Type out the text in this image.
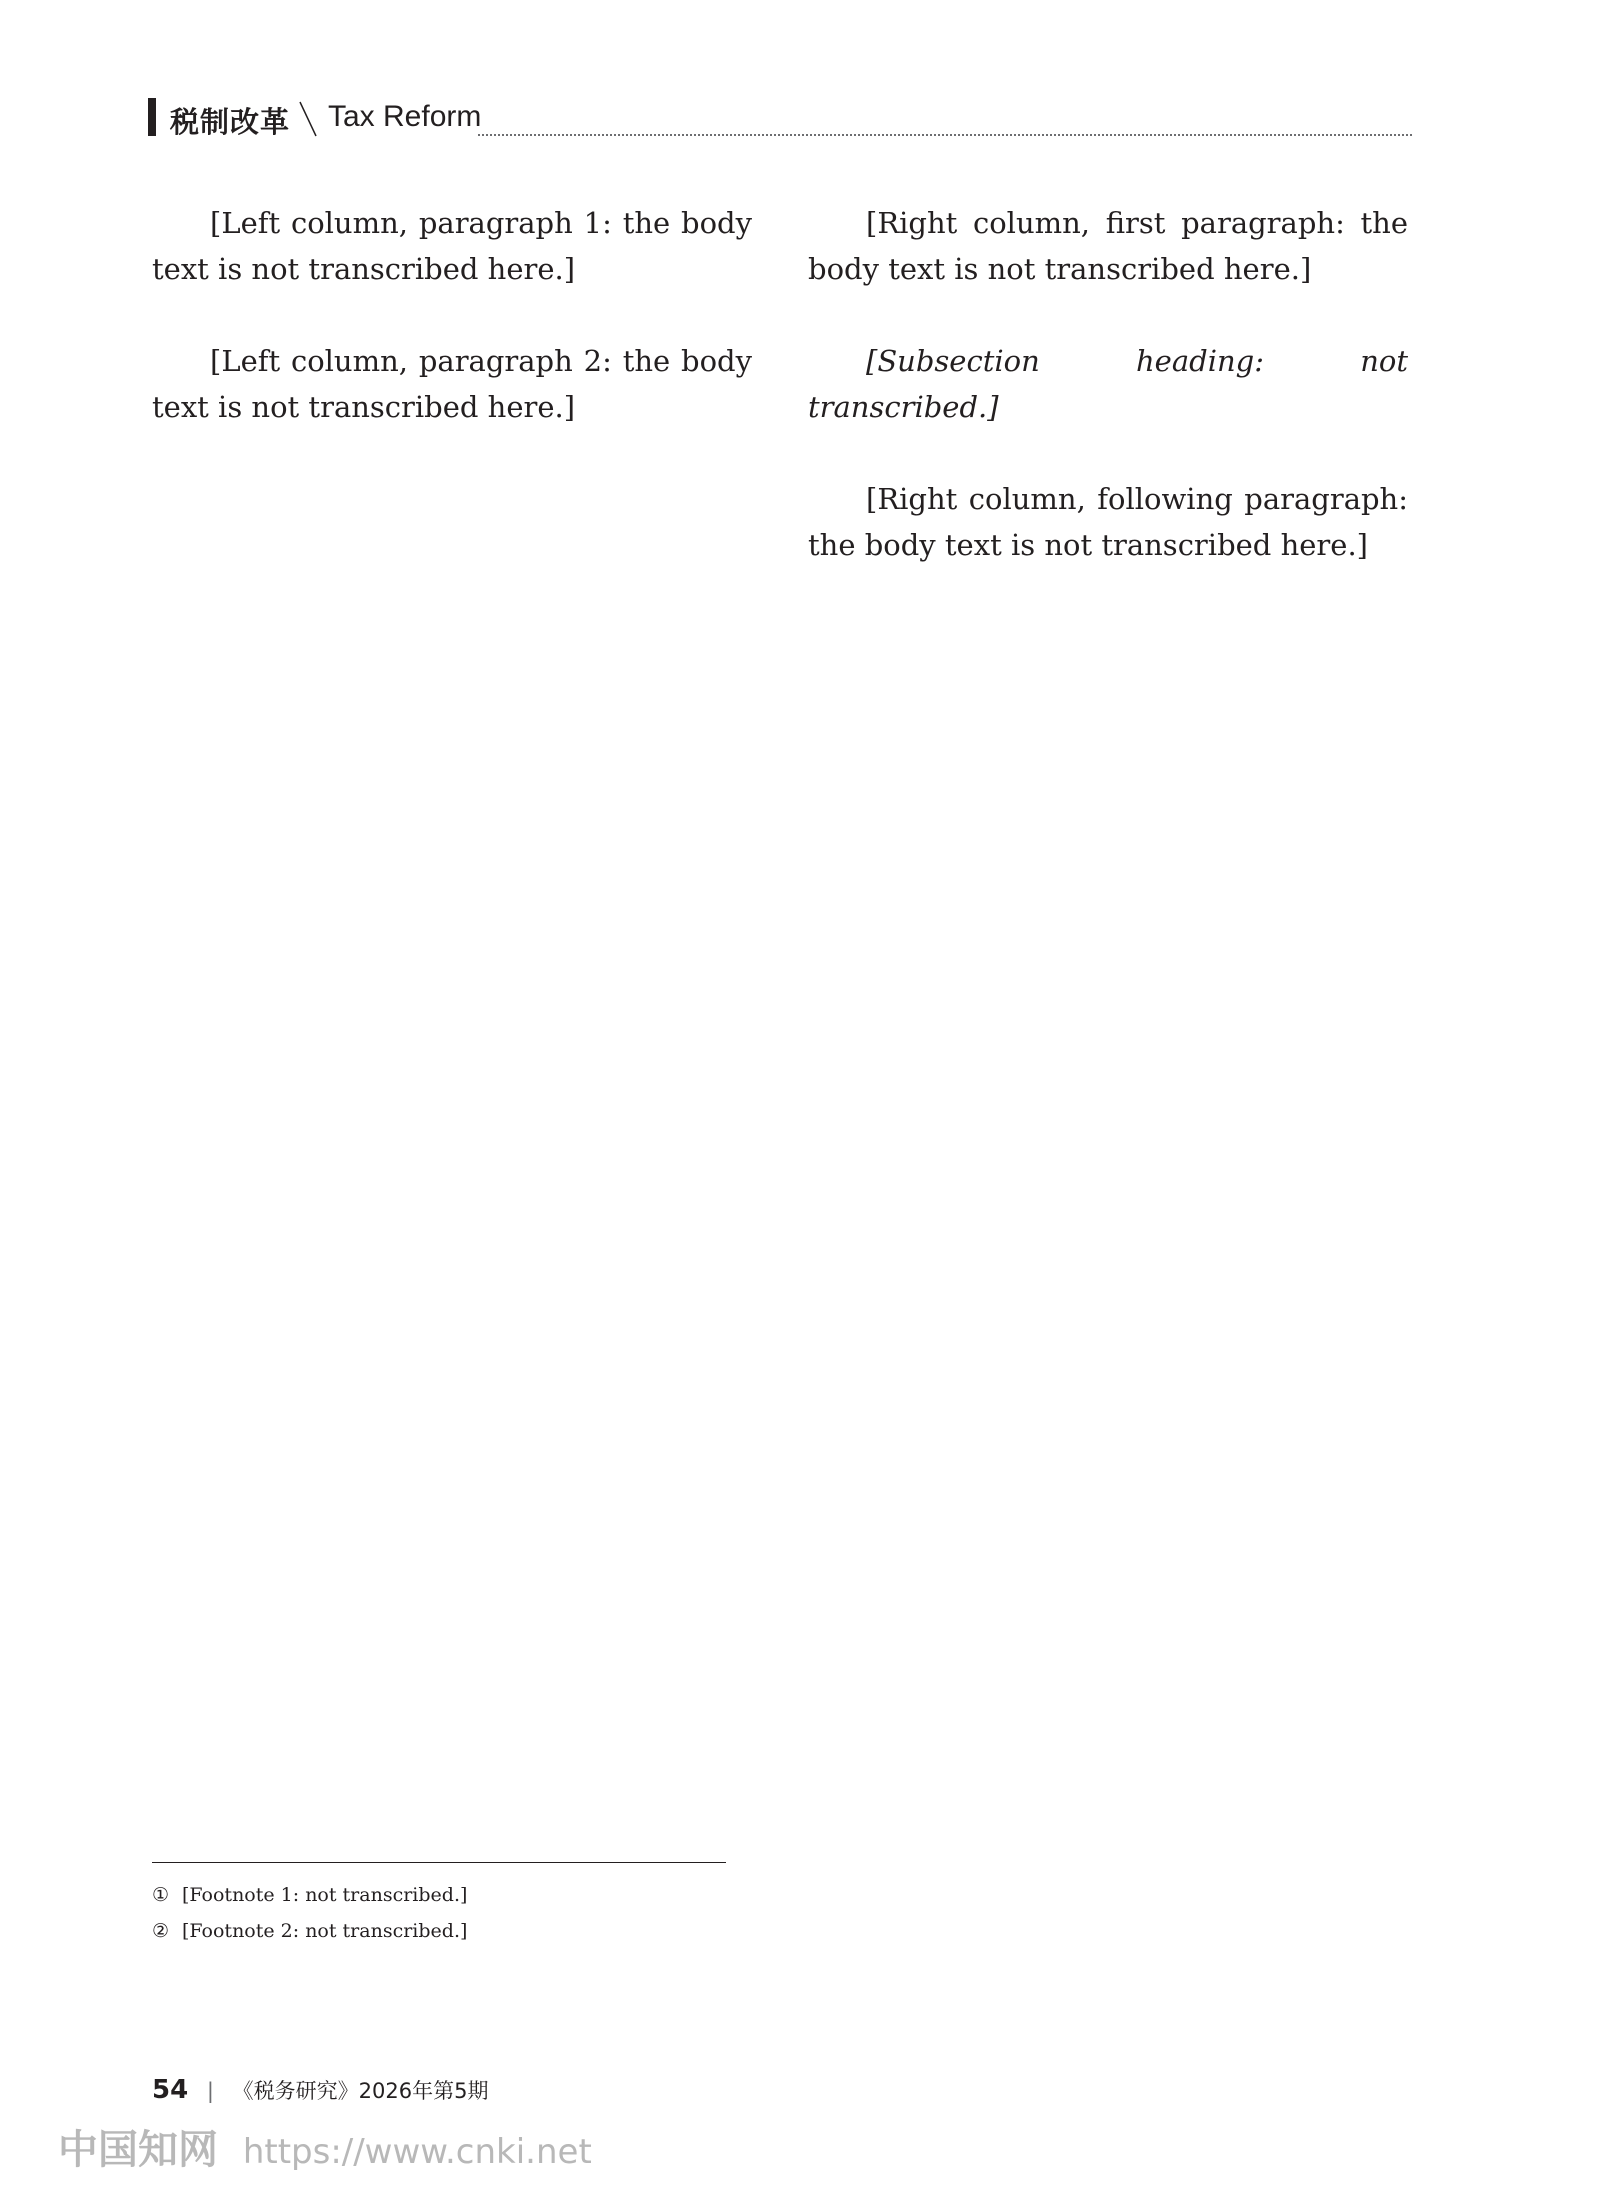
税制改革 Tax Reform

[Left column, paragraph 1: the body text is not transcribed here.]

[Left column, paragraph 2: the body text is not transcribed here.]

[Right column, first paragraph: the body text is not transcribed here.]

[Subsection heading: not transcribed.]

[Right column, following paragraph: the body text is not transcribed here.]

① [Footnote 1: not transcribed.]
② [Footnote 2: not transcribed.]
54 | 《税务研究》2026年第5期
中国知网 https://www.cnki.net
